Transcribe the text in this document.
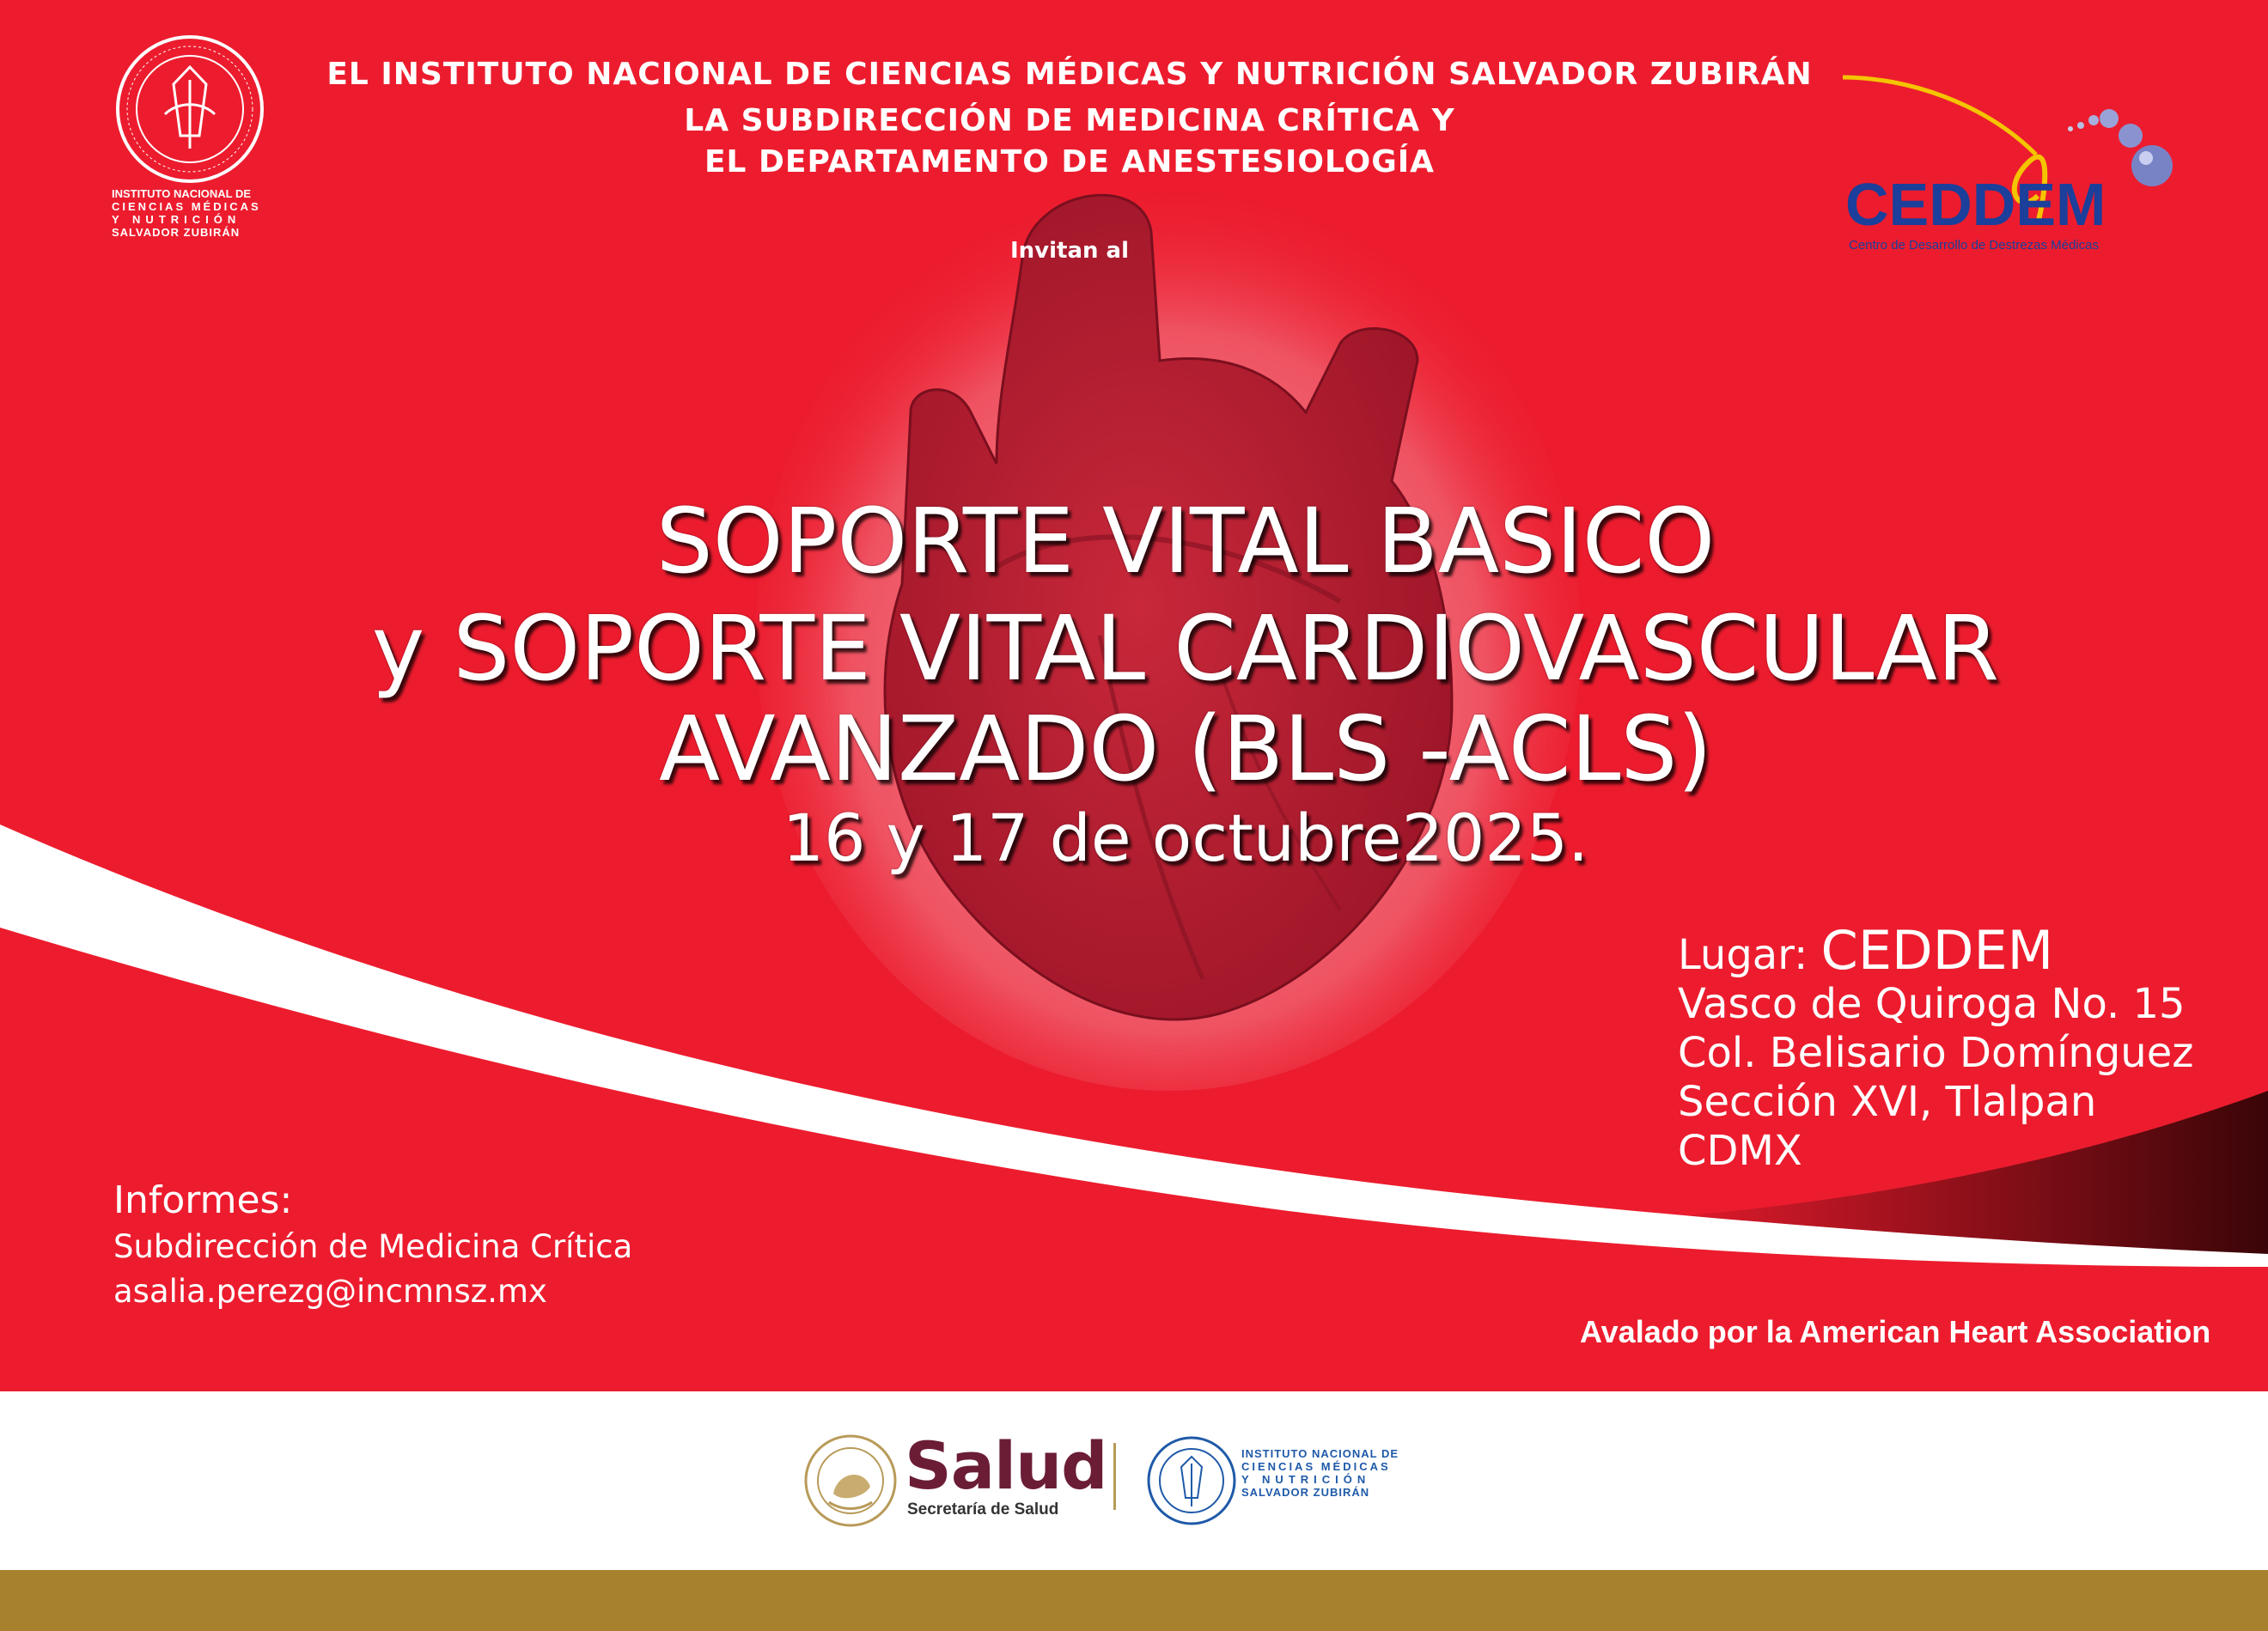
INSTITUTO NACIONAL DE
CIENCIAS MÉDICAS
Y NUTRICIÓN
SALVADOR ZUBIRÁN	CEDDEM
Centro de Desarrollo de Destrezas Médicas
EL INSTITUTO NACIONAL DE CIENCIAS MÉDICAS Y NUTRICIÓN SALVADOR ZUBIRÁN
LA SUBDIRECCIÓN DE MEDICINA CRÍTICA Y
EL DEPARTAMENTO DE ANESTESIOLOGÍA
Invitan al
SOPORTE VITAL BASICO
y SOPORTE VITAL CARDIOVASCULAR
AVANZADO (BLS -ACLS)
16 y 17 de octubre2025.
Lugar: CEDDEM
Vasco de Quiroga No. 15
Col. Belisario Domínguez
Sección XVI, Tlalpan
CDMX
Informes:
Subdirección de Medicina Crítica
asalia.perezg@incmnsz.mx
Avalado por la American Heart Association
Salud
Secretaría de Salud
INSTITUTO NACIONAL DE
CIENCIAS MÉDICAS
Y NUTRICIÓN
SALVADOR ZUBIRÁN
